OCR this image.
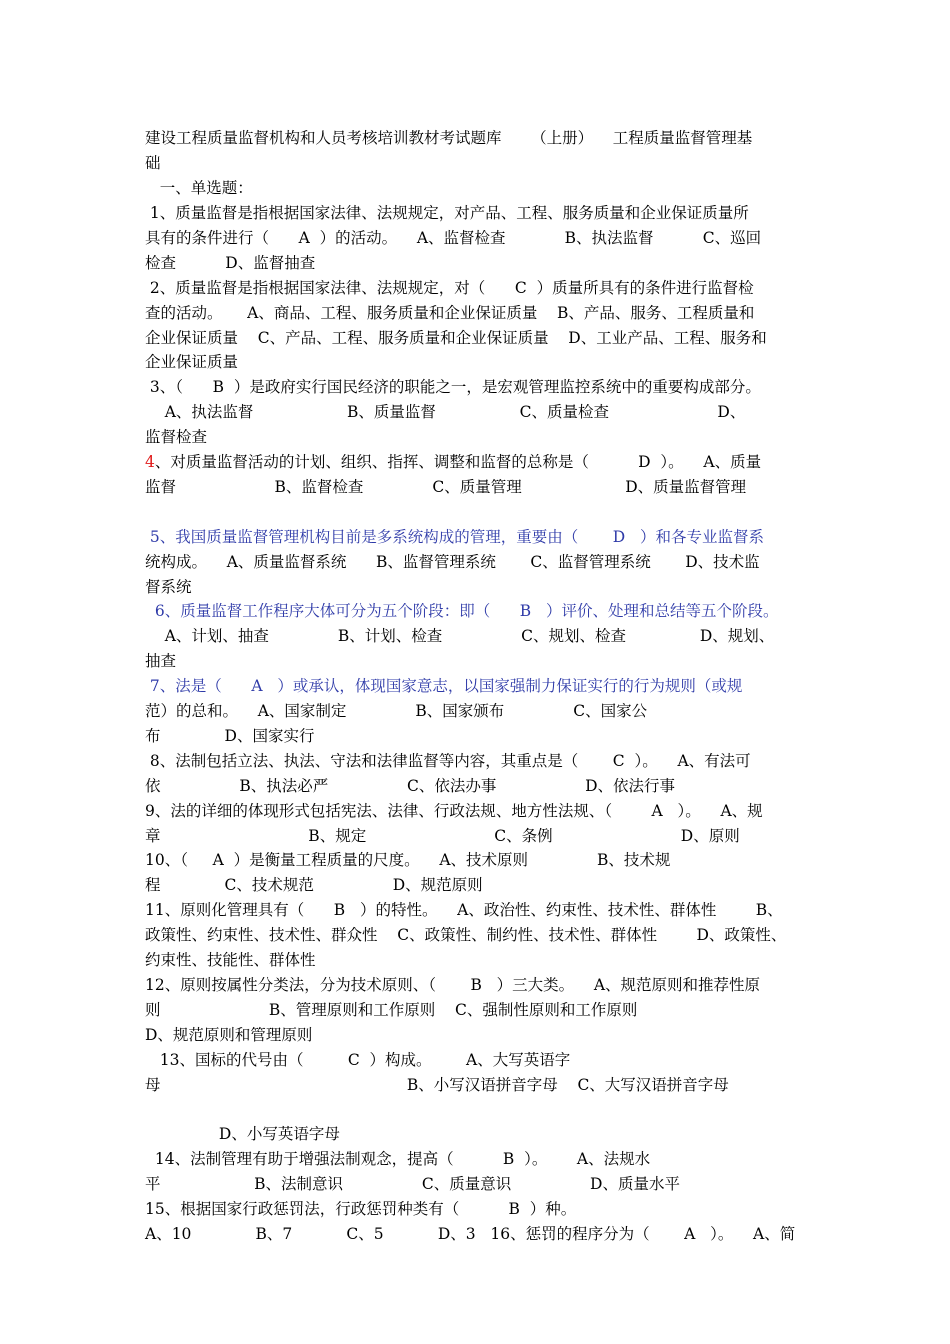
建设工程质量监督机构和人员考核培训教材考试题库      （上册）    工程质量监督管理基
础
一、单选题：
1、质量监督是指根据国家法律、法规规定，对产品、工程、服务质量和企业保证质量所
具有的条件进行（      A  ）的活动。    A、监督检查            B、执法监督          C、巡回
检查          D、监督抽查
2、质量监督是指根据国家法律、法规规定，对（      C  ）质量所具有的条件进行监督检
查的活动。     A、商品、工程、服务质量和企业保证质量    B、产品、服务、工程质量和
企业保证质量    C、产品、工程、服务质量和企业保证质量    D、工业产品、工程、服务和
企业保证质量
3、（      B  ）是政府实行国民经济的职能之一，是宏观管理监控系统中的重要构成部分。
A、执法监督                   B、质量监督                 C、质量检查                      D、
监督检查
4、对质量监督活动的计划、组织、指挥、调整和监督的总称是（          D  ）。    A、质量
监督                    B、监督检查              C、质量管理                     D、质量监督管理
5、我国质量监督管理机构目前是多系统构成的管理，重要由（       D   ）和各专业监督系
统构成。    A、质量监督系统      B、监督管理系统       C、监督管理系统       D、技术监
督系统
6、质量监督工作程序大体可分为五个阶段：即（      B   ）评价、处理和总结等五个阶段。
A、计划、抽查              B、计划、检查                C、规划、检查               D、规划、
抽查
7、法是（      A   ）或承认，体现国家意志，以国家强制力保证实行的行为规则（或规
范）的总和。    A、国家制定              B、国家颁布              C、国家公
布             D、国家实行
8、法制包括立法、执法、守法和法律监督等内容，其重点是（       C  ）。    A、有法可
依                B、执法必严                C、依法办事                  D、依法行事
9、法的详细的体现形式包括宪法、法律、行政法规、地方性法规、（        A   ）。    A、规
章                              B、规定                          C、条例                          D、原则
10、（     A  ）是衡量工程质量的尺度。    A、技术原则              B、技术规
程             C、技术规范                D、规范原则
11、原则化管理具有（      B   ）的特性。    A、政治性、约束性、技术性、群体性        B、
政策性、约束性、技术性、群众性    C、政策性、制约性、技术性、群体性        D、政策性、
约束性、技能性、群体性
12、原则按属性分类法，分为技术原则、（       B   ）三大类。    A、规范原则和推荐性原
则                      B、管理原则和工作原则    C、强制性原则和工作原则
D、规范原则和管理原则
13、国标的代号由（         C  ）构成。       A、大写英语字
母                                                  B、小写汉语拼音字母    C、大写汉语拼音字母
D、小写英语字母
14、法制管理有助于增强法制观念，提高（          B  ）。      A、法规水
平                   B、法制意识                C、质量意识                D、质量水平
15、根据国家行政惩罚法，行政惩罚种类有（          B  ）种。
A、10             B、7           C、5           D、3   16、惩罚的程序分为（       A   ）。    A、简
